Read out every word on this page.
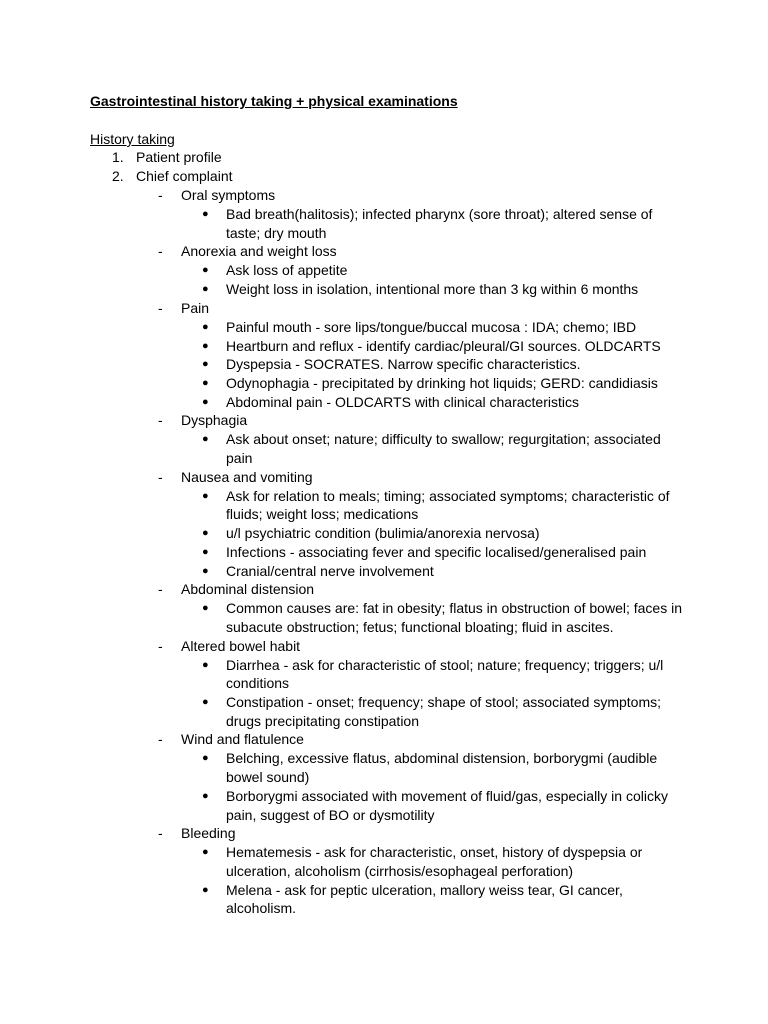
Gastrointestinal history taking + physical examinations
History taking
1. Patient profile
2. Chief complaint
- Oral symptoms
● Bad breath(halitosis); infected pharynx (sore throat); altered sense of taste; dry mouth
- Anorexia and weight loss
● Ask loss of appetite
● Weight loss in isolation, intentional more than 3 kg within 6 months
- Pain
● Painful mouth - sore lips/tongue/buccal mucosa : IDA; chemo; IBD
● Heartburn and reflux - identify cardiac/pleural/GI sources. OLDCARTS
● Dyspepsia - SOCRATES. Narrow specific characteristics.
● Odynophagia - precipitated by drinking hot liquids; GERD: candidiasis
● Abdominal pain - OLDCARTS with clinical characteristics
- Dysphagia
● Ask about onset; nature; difficulty to swallow; regurgitation; associated pain
- Nausea and vomiting
● Ask for relation to meals; timing; associated symptoms; characteristic of fluids; weight loss; medications
● u/l psychiatric condition (bulimia/anorexia nervosa)
● Infections - associating fever and specific localised/generalised pain
● Cranial/central nerve involvement
- Abdominal distension
● Common causes are: fat in obesity; flatus in obstruction of bowel; faces in subacute obstruction; fetus; functional bloating; fluid in ascites.
- Altered bowel habit
● Diarrhea - ask for characteristic of stool; nature; frequency; triggers; u/l conditions
● Constipation - onset; frequency; shape of stool; associated symptoms; drugs precipitating constipation
- Wind and flatulence
● Belching, excessive flatus, abdominal distension, borborygmi (audible bowel sound)
● Borborygmi associated with movement of fluid/gas, especially in colicky pain, suggest of BO or dysmotility
- Bleeding
● Hematemesis - ask for characteristic, onset, history of dyspepsia or ulceration, alcoholism (cirrhosis/esophageal perforation)
● Melena - ask for peptic ulceration, mallory weiss tear, GI cancer, alcoholism.
